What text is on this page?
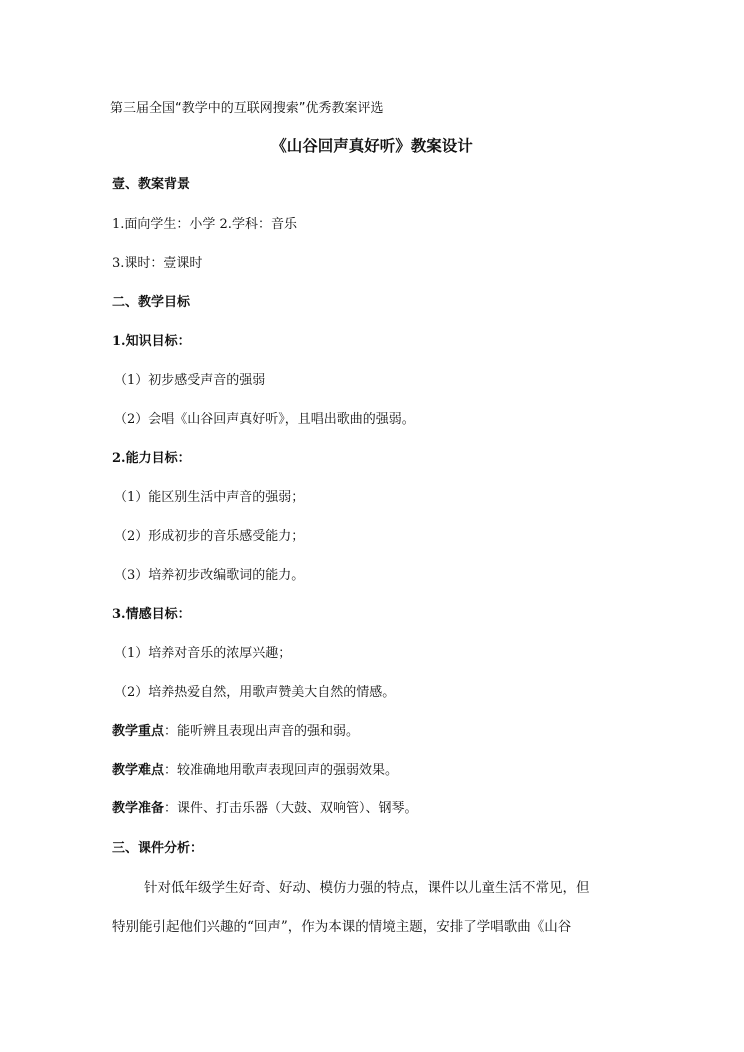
第三届全国“教学中的互联网搜索”优秀教案评选
《山谷回声真好听》教案设计
壹、教案背景
1.面向学生：小学 2.学科：音乐
3.课时：壹课时
二、教学目标
1.知识目标：
（1）初步感受声音的强弱
（2）会唱《山谷回声真好听》，且唱出歌曲的强弱。
2.能力目标：
（1）能区别生活中声音的强弱；
（2）形成初步的音乐感受能力；
（3）培养初步改编歌词的能力。
3.情感目标：
（1）培养对音乐的浓厚兴趣；
（2）培养热爱自然，用歌声赞美大自然的情感。
教学重点：能听辨且表现出声音的强和弱。
教学难点：较准确地用歌声表现回声的强弱效果。
教学准备：课件、打击乐器（大鼓、双响管）、钢琴。
三、课件分析：
针对低年级学生好奇、好动、模仿力强的特点，课件以儿童生活不常见，但
特别能引起他们兴趣的“回声”，作为本课的情境主题，安排了学唱歌曲《山谷
